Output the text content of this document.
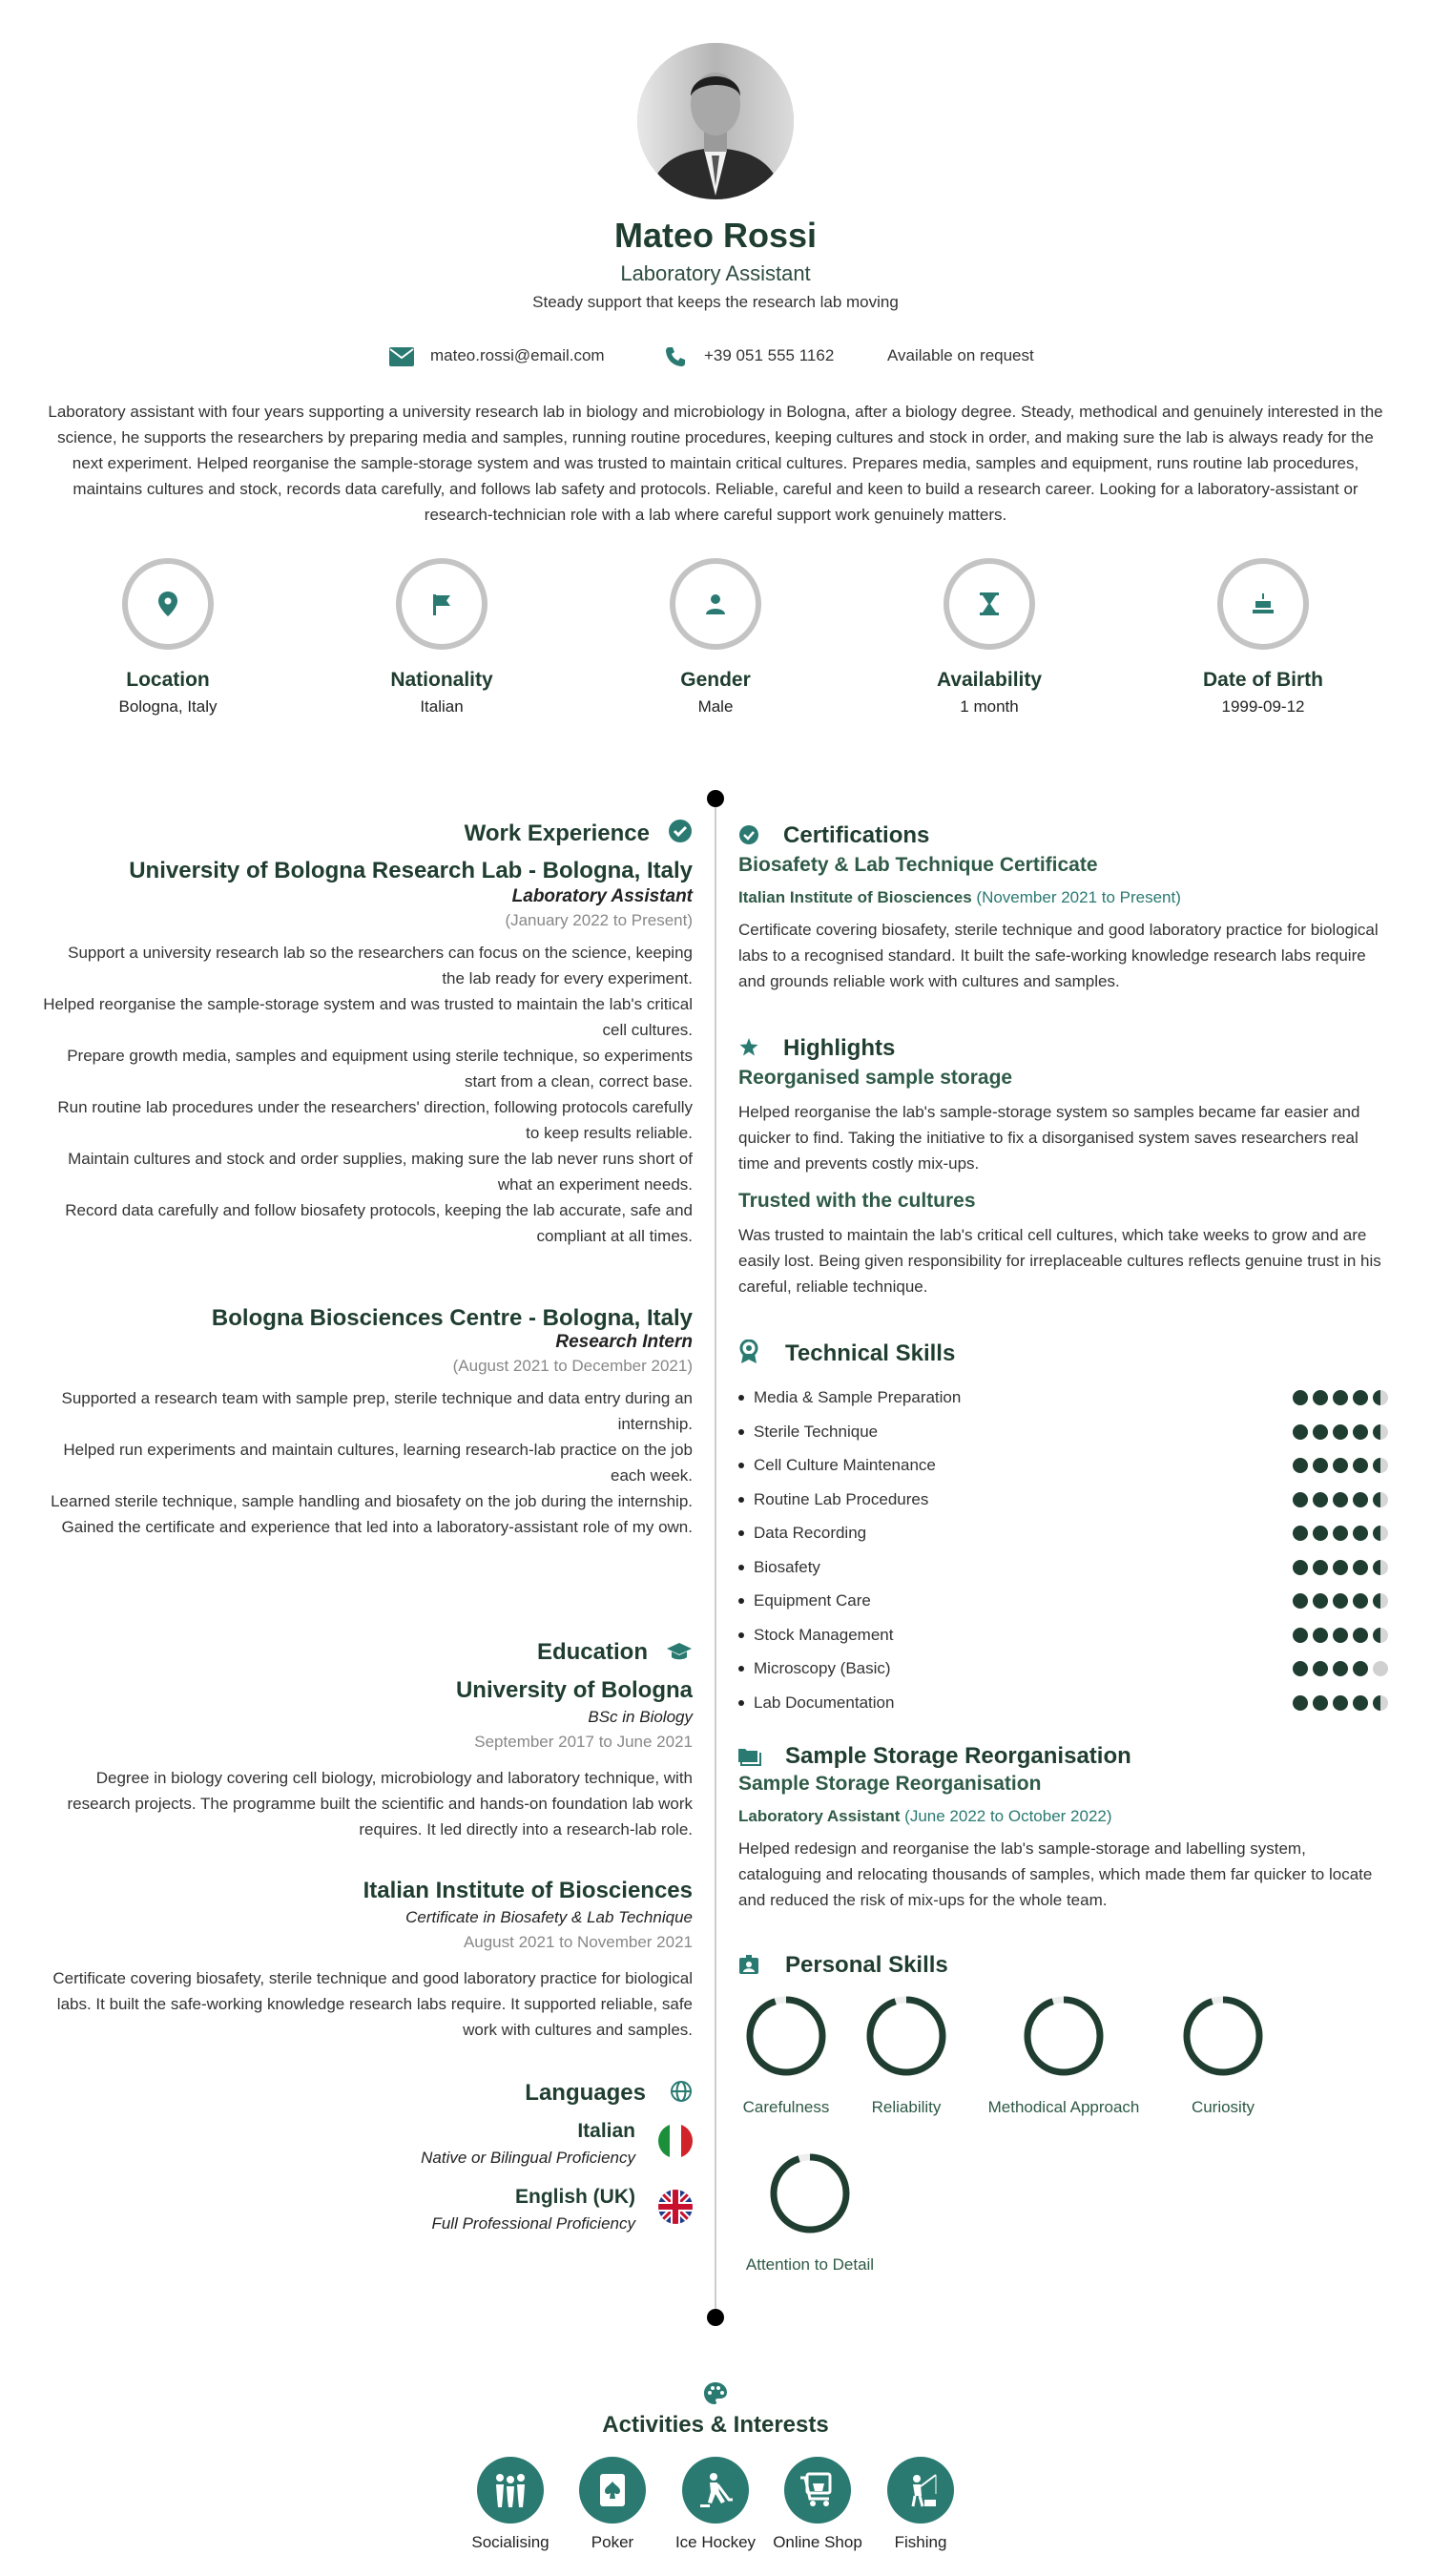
Mateo Rossi
Laboratory Assistant
Steady support that keeps the research lab moving
mateo.rossi@email.com	+39 051 555 1162	Available on request
Laboratory assistant with four years supporting a university research lab in biology and microbiology in Bologna, after a biology degree. Steady, methodical and genuinely interested in the science, he supports the researchers by preparing media and samples, running routine procedures, keeping cultures and stock in order, and making sure the lab is always ready for the next experiment. Helped reorganise the sample-storage system and was trusted to maintain critical cultures. Prepares media, samples and equipment, runs routine lab procedures, maintains cultures and stock, records data carefully, and follows lab safety and protocols. Reliable, careful and keen to build a research career. Looking for a laboratory-assistant or research-technician role with a lab where careful support work genuinely matters.
Location
Bologna, Italy
Nationality
Italian
Gender
Male
Availability
1 month
Date of Birth
1999-09-12
Work Experience
University of Bologna Research Lab - Bologna, Italy
Laboratory Assistant
(January 2022 to Present)
Support a university research lab so the researchers can focus on the science, keeping the lab ready for every experiment.
Helped reorganise the sample-storage system and was trusted to maintain the lab's critical cell cultures.
Prepare growth media, samples and equipment using sterile technique, so experiments start from a clean, correct base.
Run routine lab procedures under the researchers' direction, following protocols carefully to keep results reliable.
Maintain cultures and stock and order supplies, making sure the lab never runs short of what an experiment needs.
Record data carefully and follow biosafety protocols, keeping the lab accurate, safe and compliant at all times.
Bologna Biosciences Centre - Bologna, Italy
Research Intern
(August 2021 to December 2021)
Supported a research team with sample prep, sterile technique and data entry during an internship.
Helped run experiments and maintain cultures, learning research-lab practice on the job each week.
Learned sterile technique, sample handling and biosafety on the job during the internship.
Gained the certificate and experience that led into a laboratory-assistant role of my own.
Education
University of Bologna
BSc in Biology
September 2017 to June 2021
Degree in biology covering cell biology, microbiology and laboratory technique, with research projects. The programme built the scientific and hands-on foundation lab work requires. It led directly into a research-lab role.
Italian Institute of Biosciences
Certificate in Biosafety & Lab Technique
August 2021 to November 2021
Certificate covering biosafety, sterile technique and good laboratory practice for biological labs. It built the safe-working knowledge research labs require. It supported reliable, safe work with cultures and samples.
Languages
Italian
Native or Bilingual Proficiency
English (UK)
Full Professional Proficiency
Certifications
Biosafety & Lab Technique Certificate
Italian Institute of Biosciences (November 2021 to Present)
Certificate covering biosafety, sterile technique and good laboratory practice for biological labs to a recognised standard. It built the safe-working knowledge research labs require and grounds reliable work with cultures and samples.
Highlights
Reorganised sample storage
Helped reorganise the lab's sample-storage system so samples became far easier and quicker to find. Taking the initiative to fix a disorganised system saves researchers real time and prevents costly mix-ups.
Trusted with the cultures
Was trusted to maintain the lab's critical cell cultures, which take weeks to grow and are easily lost. Being given responsibility for irreplaceable cultures reflects genuine trust in his careful, reliable technique.
Technical Skills
Media & Sample Preparation
Sterile Technique
Cell Culture Maintenance
Routine Lab Procedures
Data Recording
Biosafety
Equipment Care
Stock Management
Microscopy (Basic)
Lab Documentation
Sample Storage Reorganisation
Sample Storage Reorganisation
Laboratory Assistant (June 2022 to October 2022)
Helped redesign and reorganise the lab's sample-storage and labelling system, cataloguing and relocating thousands of samples, which made them far quicker to locate and reduced the risk of mix-ups for the whole team.
Personal Skills
Carefulness	Reliability	Methodical Approach	Curiosity
Attention to Detail
Activities & Interests
Socialising	Poker	Ice Hockey	Online Shop	Fishing
